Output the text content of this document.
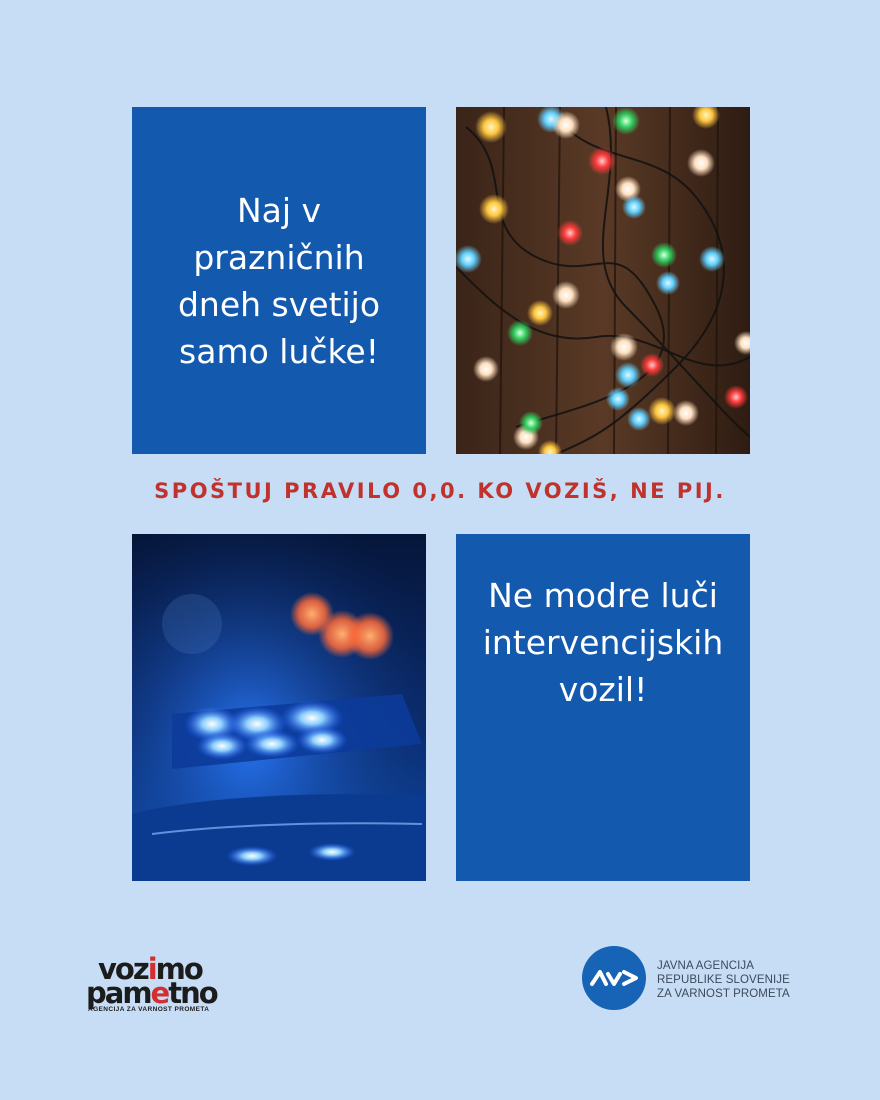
Naj v prazničnih dneh svetijo samo lučke!
SPOŠTUJ PRAVILO 0,0. KO VOZIŠ, NE PIJ.
Ne modre luči intervencijskih vozil!
vozimo
pametno
AGENCIJA ZA VARNOST PROMETA
JAVNA AGENCIJA
REPUBLIKE SLOVENIJE
ZA VARNOST PROMETA
